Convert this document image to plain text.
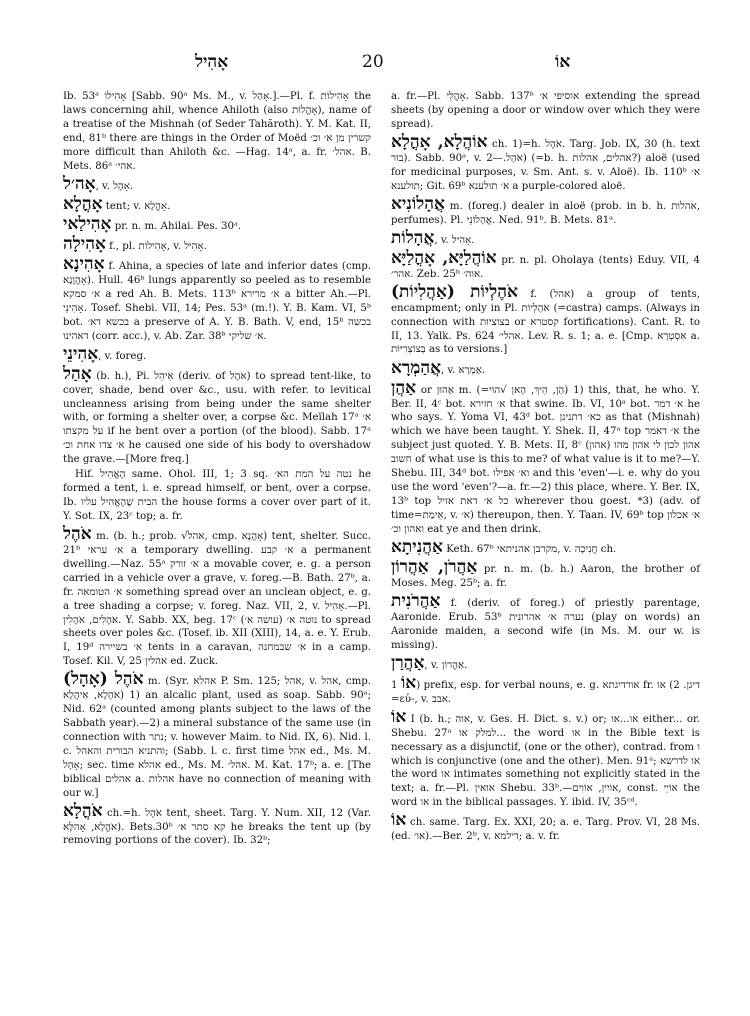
אָהִיל	20	אוֹ
Ib. 53ᵃ אָהִילוֹ [Sabb. 90ᵃ Ms. M., v. אָהַל.].—Pl. f. אָהִילוֹת the laws concerning ahil, whence Ahiloth (also אָהֳלוֹת), name of a treatise of the Mishnah (of Seder Tahăroth). Y. M. Kat. II, end, 81ᵇ there are things in the Order of Moëd קשרין מן א׳ וכ׳ more difficult than Ahiloth &c. —Hag. 14ᵃ, a. fr. אהל׳. B. Mets. 86ᵃ אהי׳.
אָה׳ל, v. אָהָל.
אָהֳלָא tent; v. אָהֳלָא.
אָהִילַאי pr. n. m. Ahilai. Pes. 30ᵃ.
אָהִילָה f., pl. אָהִילוֹת, v. אָהִיל.
אָהִינָא f. Ahina, a species of late and inferior dates (cmp. אָהֲוָנָא). Hull. 46ᵇ lungs apparently so peeled as to resemble א׳ סמקא a red Ah. B. Mets. 113ᵇ א׳ מרירא a bitter Ah.—Pl. אָהִינֵי. Tosef. Shebi. VII, 14; Pes. 53ᵃ (m.!). Y. B. Kam. VI, 5ᵇ bot. בכשא דא׳ a preserve of A. Y. B. Bath. V, end, 15ᵇ בכשה דאהינו (corr. acc.), v. Ab. Zar. 38ᵇ א׳ שליקי.
אָהִינֵי, v. foreg.
אָהַל (b. h.), Pi. אִיהֵל (deriv. of אֹהֶל) to spread tent-like, to cover, shade, bend over &c., usu. with refer. to levitical uncleanness arising from being under the same shelter with, or forming a shelter over, a corpse &c. Meïlah 17ᵃ א׳ על מקצתו if he bent over a portion (of the blood). Sabb. 17ᵃ א׳ צדו אחת וכ׳ he caused one side of his body to overshadow the grave.—[More freq.]
Hif. הֶאֱהִיל same. Ohol. III, 1; 3 sq. נטה על המת הא׳ he formed a tent, i. e. spread himself, or bent, over a corpse. Ib. הבית שֶׁהֶאֱהִיל עליו the house forms a cover over part of it. Y. Sot. IX, 23ᶜ top; a. fr.
אֹהֶל m. (b. h.; prob. √אהל, cmp. אָהֲנָא) tent, shelter. Succ. 21ᵇ א׳ עראי a temporary dwelling. א׳ קבע a permanent dwelling.—Naz. 55ᵃ א׳ זורק a movable cover, e. g. a person carried in a vehicle over a grave, v. foreg.—B. Bath. 27ᵇ, a. fr. א׳ הטומאה something spread over an unclean object, e. g. a tree shading a corpse; v. foreg. Naz. VII, 2, v. אָהִיל.—Pl. אֹהָלִים, אֹהָלִין. Y. Sabb. XX, beg. 17ᶜ נוטה א׳ (עושה א׳) to spread sheets over poles &c. (Tosef. ib. XII (XIII), 14, a. e. Y. Erub. I, 19ᵈ א׳ בשיירה tents in a caravan, א׳ שבמחנה in a camp. Tosef. Kil. V, 25 אהלין ed. Zuck.
אֹהֶל (אָהָל) m. (Syr. אהלא P. Sm. 125; אהל, v. אהל, cmp. אֹהָלָא, אִיהֲלָא) 1) an alcalic plant, used as soap. Sabb. 90ᵃ; Nid. 62ᵃ (counted among plants subject to the laws of the Sabbath year).—2) a mineral substance of the same use (in connection with נתר; v. however Maim. to Nid. IX, 6). Nid. l. c. והתניא הבורית והאהל; (Sabb. l. c. first time אהל ed., Ms. M. אָהָל; sec. time אהלא ed., Ms. M. אהל׳. M. Kat. 17ᵇ; a. e. [The biblical אהלים a. אהלות have no connection of meaning with our w.]
אֹהֳלָא ch.=h. אֹהֶל tent, sheet. Targ. Y. Num. XII, 12 (Var. אֹהֳלָא, אָהִלָּא). Bets.30ᵇ קא סתר א׳ he breaks the tent up (by removing portions of the cover). Ib. 32ᵇ;
a. fr.—Pl. אָהֳלֵי. Sabb. 137ᵇ אוסיפי א׳ extending the spread sheets (by opening a door or window over which they were spread).
אוֹהֲלָא, אָהֳלָא ch. 1)=h. אֹהֶל. Targ. Job. IX, 30 (h. text בור). Sabb. 90ᵃ, v. אֹהֶל.—2) (=b. h. אהלים, אהלות?) aloë (used for medicinal purposes, v. Sm. Ant. s. v. Aloë). Ib. 110ᵇ א׳ תולענא; Git. 69ᵇ א׳ תולענא a purple-colored aloë.
אֲהָלוֹנִיא m. (foreg.) dealer in aloë (prob. in b. h. אהלות, perfumes). Pl. אֲהָלוֹנֵי. Ned. 91ᵇ. B. Mets. 81ᵃ.
אֲהָלוֹת, v. אָהִיל.
אוֹהֲלַיָּא, אָהֳלַיָּא pr. n. pl. Oholaya (tents) Eduy. VII, 4 אהר׳. Zeb. 25ᵇ אוה׳.
אֹהֶלְיוֹת (אַהֲלִיוֹת) f. (אהל) a group of tents, encampment; only in Pl. אֹהֶלְיוֹת (=castra) camps. (Always in connection with בצוציות or קסטרא fortifications). Cant. R. to II, 13. Yalk. Ps. 624 אהלי׳. Lev. R. s. 1; a. e. [Cmp. אִסְטְרָא a. בְּצוֹצְרִיּוֹת as to versions.]
אֲהַמְרָא, v. אַמְרָא.
אַהֲן or אַהוּן m. (=הַן, הֵיךְ, הָאן √הוי) 1) this, that, he who. Y. Ber. II, 4ᶜ bot. א׳ חזירא that swine. Ib. VI, 10ᵃ bot. א׳ דמר he who says. Y. Yoma VI, 43ᵈ bot. כא׳ דתנינן as that (Mishnah) which we have been taught. Y. Shek. II, 47ᵃ top א׳ דאמר the subject just quoted. Y. B. Mets. II, 8ᶜ (אהון) אהון לכון לי אהון מהו חשוב of what use is this to me? of what value is it to me?—Y. Shebu. III, 34ᵈ bot. וא׳ אפילו and this 'even'—i. e. why do you use the word 'even'?—a. fr.—2) this place, where. Y. Ber. IX, 13ᵇ top כל א׳ דאת אזיל wherever thou goest. *3) (adv. of time=אֵימַת, v. א׳) thereupon, then. Y. Taan. IV, 69ᵇ top א׳ אכלון ואהון וכ׳ eat ye and then drink.
אַהֲנִיתָא Keth. 67ᵇ מקרבן אהניתאי, v. חֲנִיכָה ch.
אַהֲרֹן, אַהֲרוֹן pr. n. m. (b. h.) Aaron, the brother of Moses. Meg. 25ᵇ; a. fr.
אַהֲרֹנִית f. (deriv. of foreg.) of priestly parentage, Aaronide. Erub. 53ᵇ נערה א׳ אהרונית (play on words) an Aaronide maiden, a second wife (in Ms. M. our w. is missing).
אַהֲרַן, v. אַהֲרוֹן.
אוֹ 1) prefix, esp. for verbal nouns, e. g. אורדיגתא fr. דיגן. 2) או =εὐ-, v. אבב.
אוֹ I (b. h.; אוה, v. Ges. H. Dict. s. v.) or; או...או either... or. Shebu. 27ᵃ למלק או... the word או in the Bible text is necessary as a disjunctif, (one or the other), contrad. from ו which is conjunctive (one and the other). Men. 91ᵃ; או לדרשא the word או intimates something not explicitly stated in the text; a. fr.—Pl. אואין Shebu. 33ᵇ.—אוֹיִין, אוֹוִים, const. אוֹיֵי the word או in the biblical passages. Y. ibid. IV, 35ᶜᵈ.
אוֹ ch. same. Targ. Ex. XXI, 20; a. e. Targ. Prov. VI, 28 Ms. (ed. או׳).—Ber. 2ᵇ, v. דילמא; a. v. fr.
